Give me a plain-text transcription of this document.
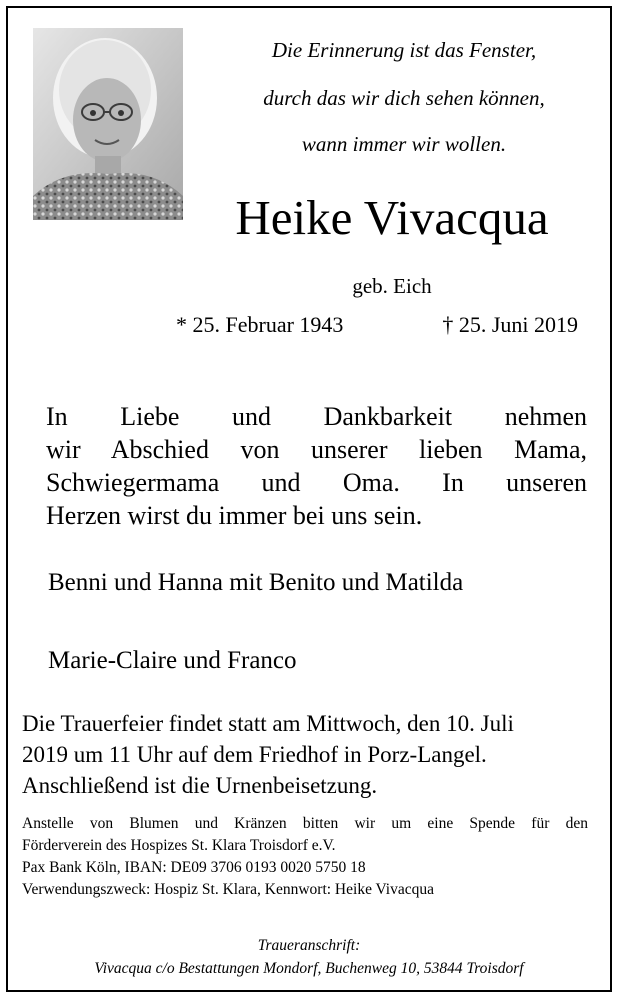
Die Erinnerung ist das Fenster,
durch das wir dich sehen können,
wann immer wir wollen.
Heike Vivacqua
geb. Eich
* 25. Februar 1943	† 25. Juni 2019
In Liebe und Dankbarkeit nehmen
wir Abschied von unserer lieben Mama,
Schwiegermama und Oma. In unseren
Herzen wirst du immer bei uns sein.
Benni und Hanna mit Benito und Matilda
Marie-Claire und Franco
Die Trauerfeier findet statt am Mittwoch, den 10. Juli
2019 um 11 Uhr auf dem Friedhof in Porz-Langel.
Anschließend ist die Urnenbeisetzung.
Anstelle von Blumen und Kränzen bitten wir um eine Spende für den
Förderverein des Hospizes St. Klara Troisdorf e.V.
Pax Bank Köln, IBAN: DE09 3706 0193 0020 5750 18
Verwendungszweck: Hospiz St. Klara, Kennwort: Heike Vivacqua
Traueranschrift:
Vivacqua c/o Bestattungen Mondorf, Buchenweg 10, 53844 Troisdorf
